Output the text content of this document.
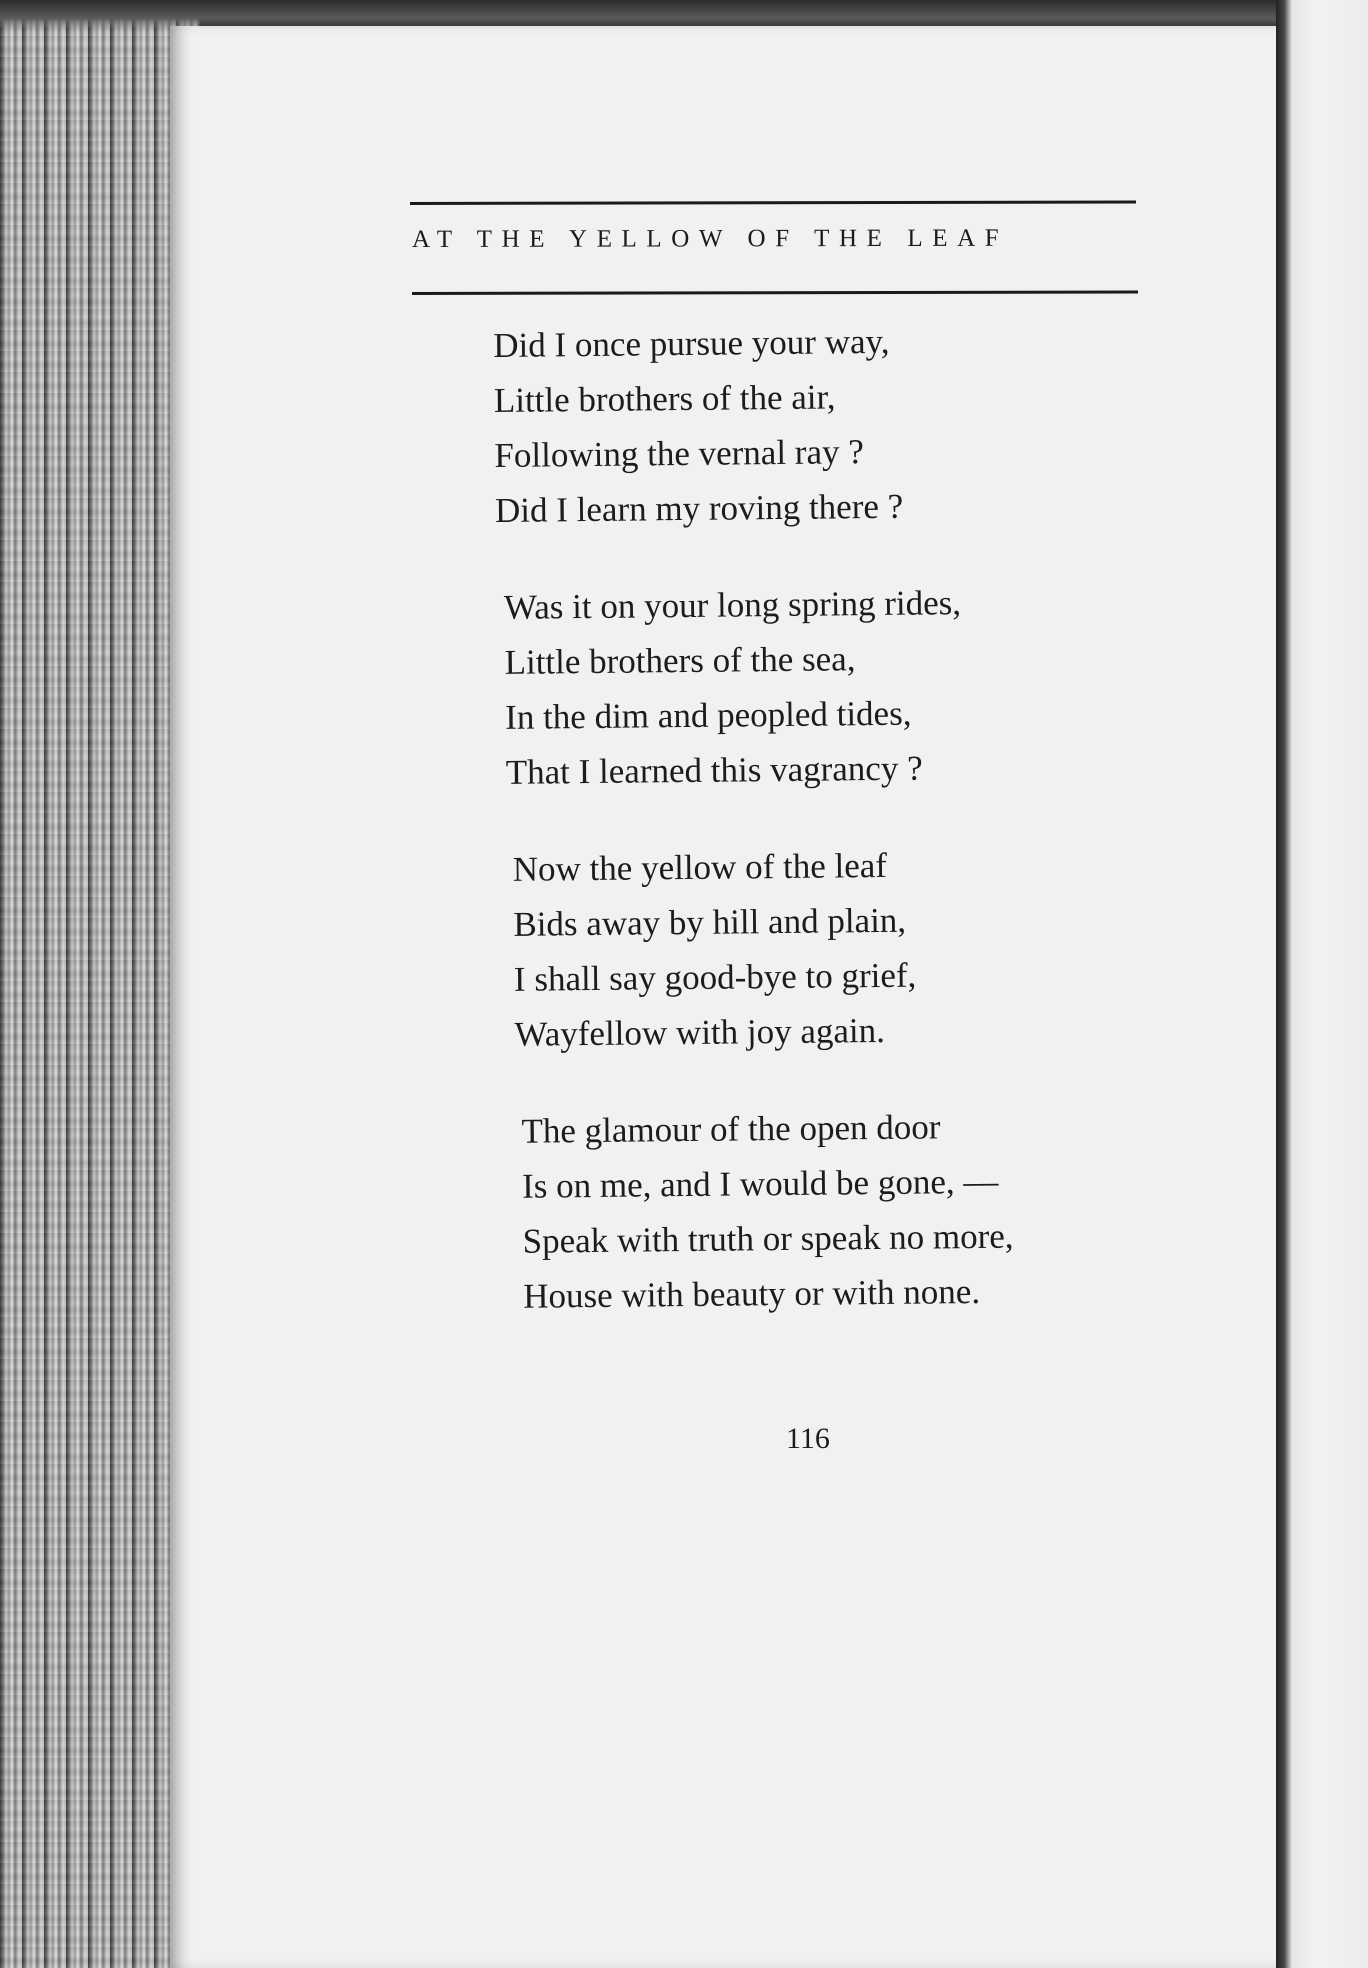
AT THE YELLOW OF THE LEAF
Did I once pursue your way,
Little brothers of the air,
Following the vernal ray ?
Did I learn my roving there ?
Was it on your long spring rides,
Little brothers of the sea,
In the dim and peopled tides,
That I learned this vagrancy ?
Now the yellow of the leaf
Bids away by hill and plain,
I shall say good-bye to grief,
Wayfellow with joy again.
The glamour of the open door
Is on me, and I would be gone, —
Speak with truth or speak no more,
House with beauty or with none.
116
